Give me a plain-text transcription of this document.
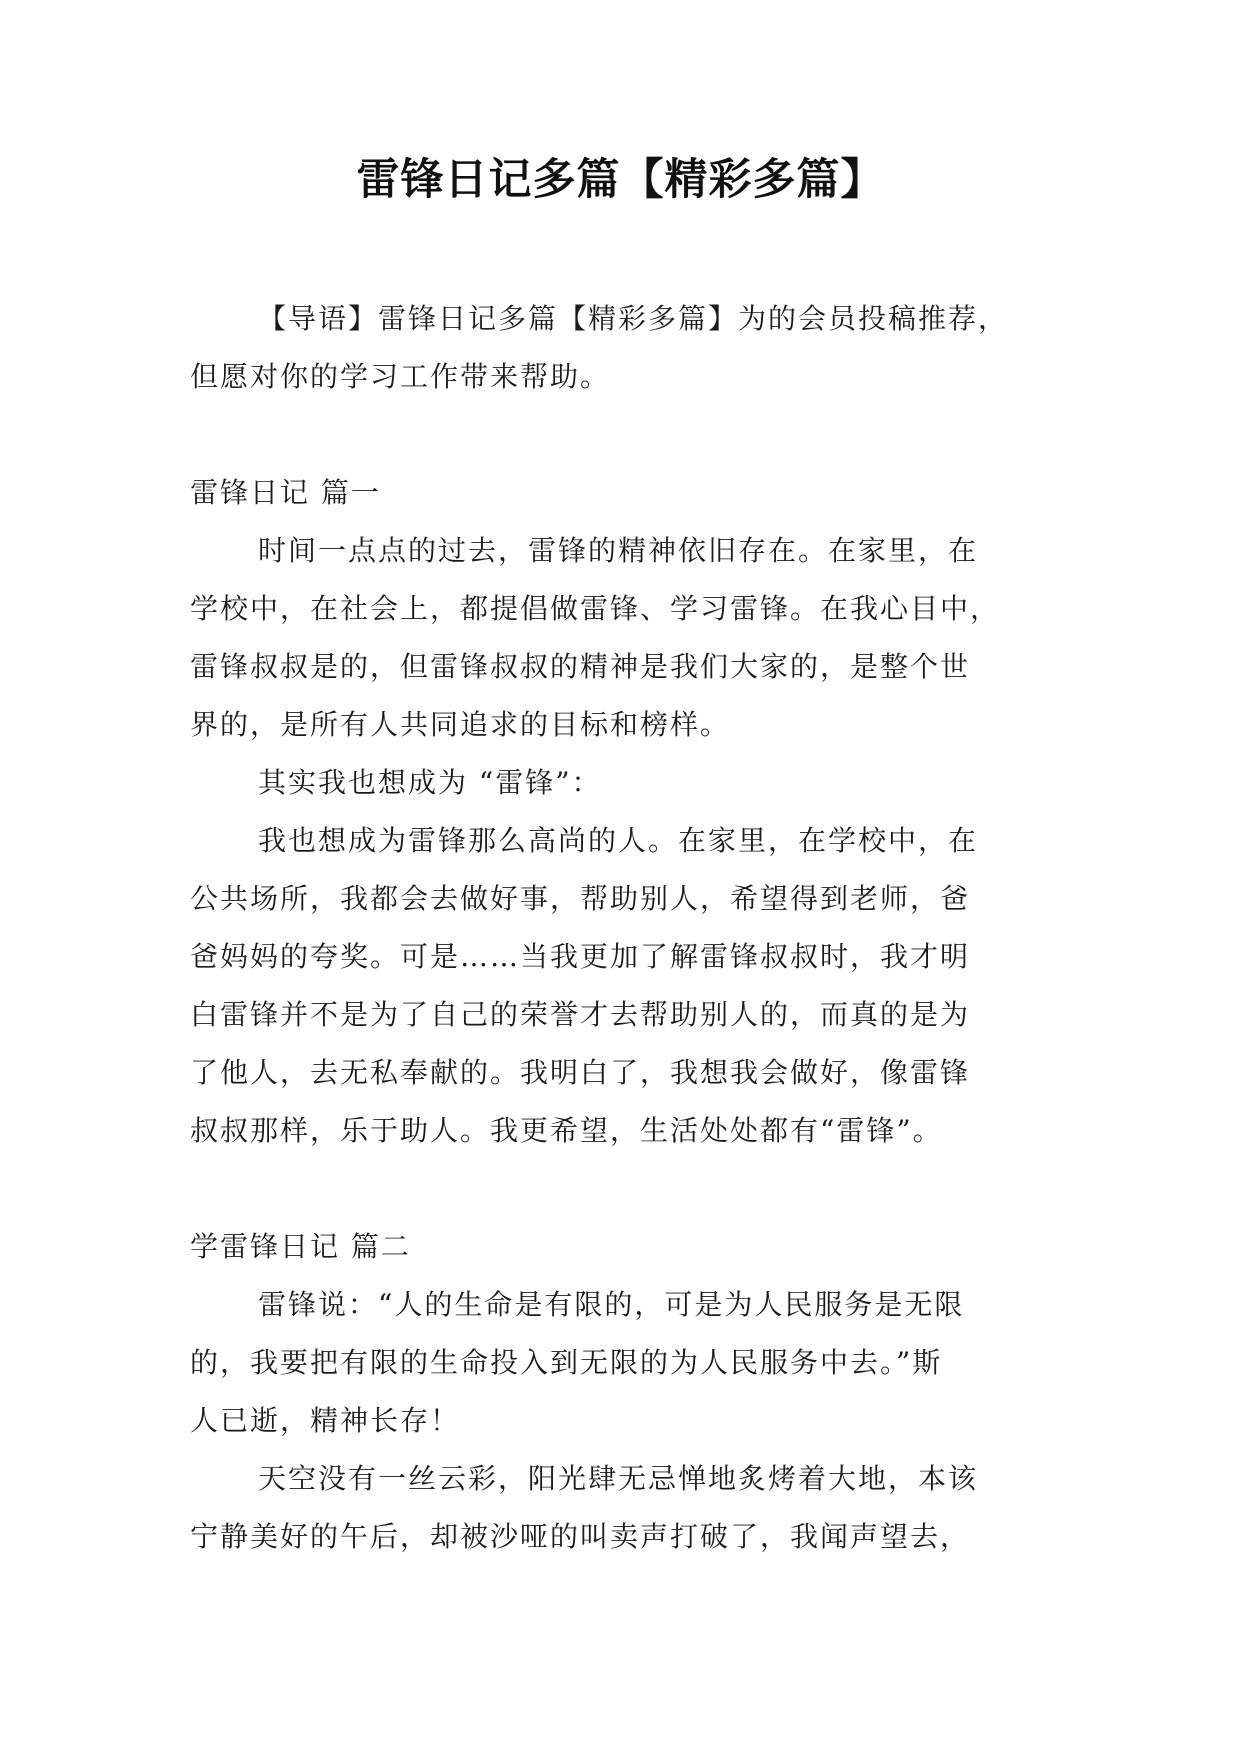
雷锋日记多篇【精彩多篇】
【导语】雷锋日记多篇【精彩多篇】为的会员投稿推荐，
但愿对你的学习工作带来帮助。
雷锋日记 篇一
时间一点点的过去，雷锋的精神依旧存在。在家里，在
学校中，在社会上，都提倡做雷锋、学习雷锋。在我心目中，
雷锋叔叔是的，但雷锋叔叔的精神是我们大家的，是整个世
界的，是所有人共同追求的目标和榜样。
其实我也想成为 “雷锋”：
我也想成为雷锋那么高尚的人。在家里，在学校中，在
公共场所，我都会去做好事，帮助别人，希望得到老师，爸
爸妈妈的夸奖。可是……当我更加了解雷锋叔叔时，我才明
白雷锋并不是为了自己的荣誉才去帮助别人的，而真的是为
了他人，去无私奉献的。我明白了，我想我会做好，像雷锋
叔叔那样，乐于助人。我更希望，生活处处都有“雷锋”。
学雷锋日记 篇二
雷锋说：“人的生命是有限的，可是为人民服务是无限
的，我要把有限的生命投入到无限的为人民服务中去。”斯
人已逝，精神长存！
天空没有一丝云彩，阳光肆无忌惮地炙烤着大地，本该
宁静美好的午后，却被沙哑的叫卖声打破了，我闻声望去，
